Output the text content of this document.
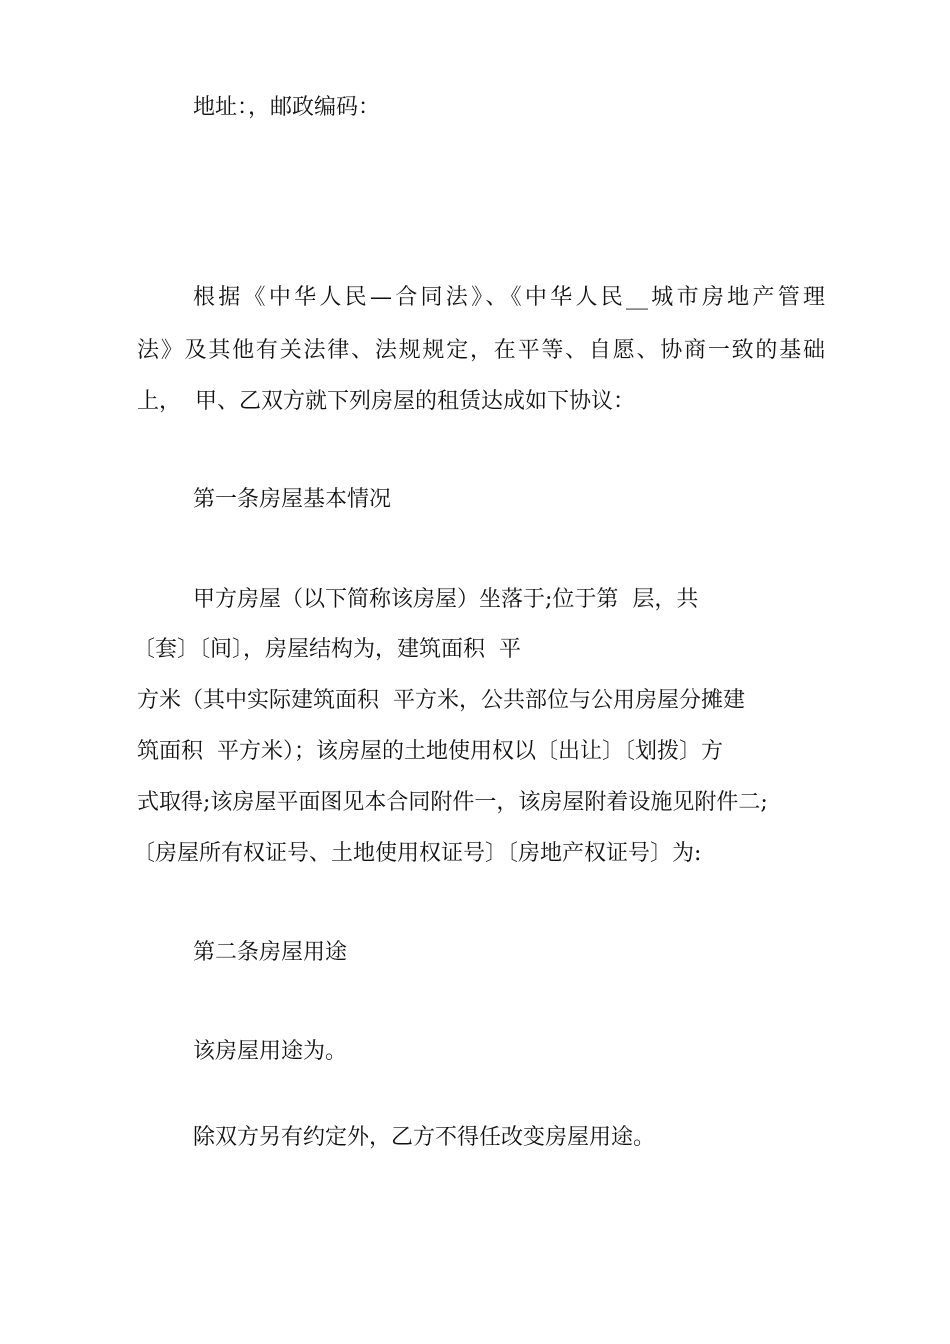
地址：，邮政编码：

根据《中华人民—合同法》、《中华人民__城市房地产管理

法》及其他有关法律、法规规定，在平等、自愿、协商一致的基础

上，  甲、乙双方就下列房屋的租赁达成如下协议：

第一条房屋基本情况

甲方房屋（以下简称该房屋）坐落于;位于第  层，共

〔套〕〔间〕，房屋结构为，建筑面积  平

方米（其中实际建筑面积  平方米，公共部位与公用房屋分摊建

筑面积  平方米）；该房屋的土地使用权以〔出让〕〔划拨〕方

式取得;该房屋平面图见本合同附件一，该房屋附着设施见附件二;

〔房屋所有权证号、土地使用权证号〕〔房地产权证号〕为:

第二条房屋用途

该房屋用途为。

除双方另有约定外，乙方不得任改变房屋用途。
